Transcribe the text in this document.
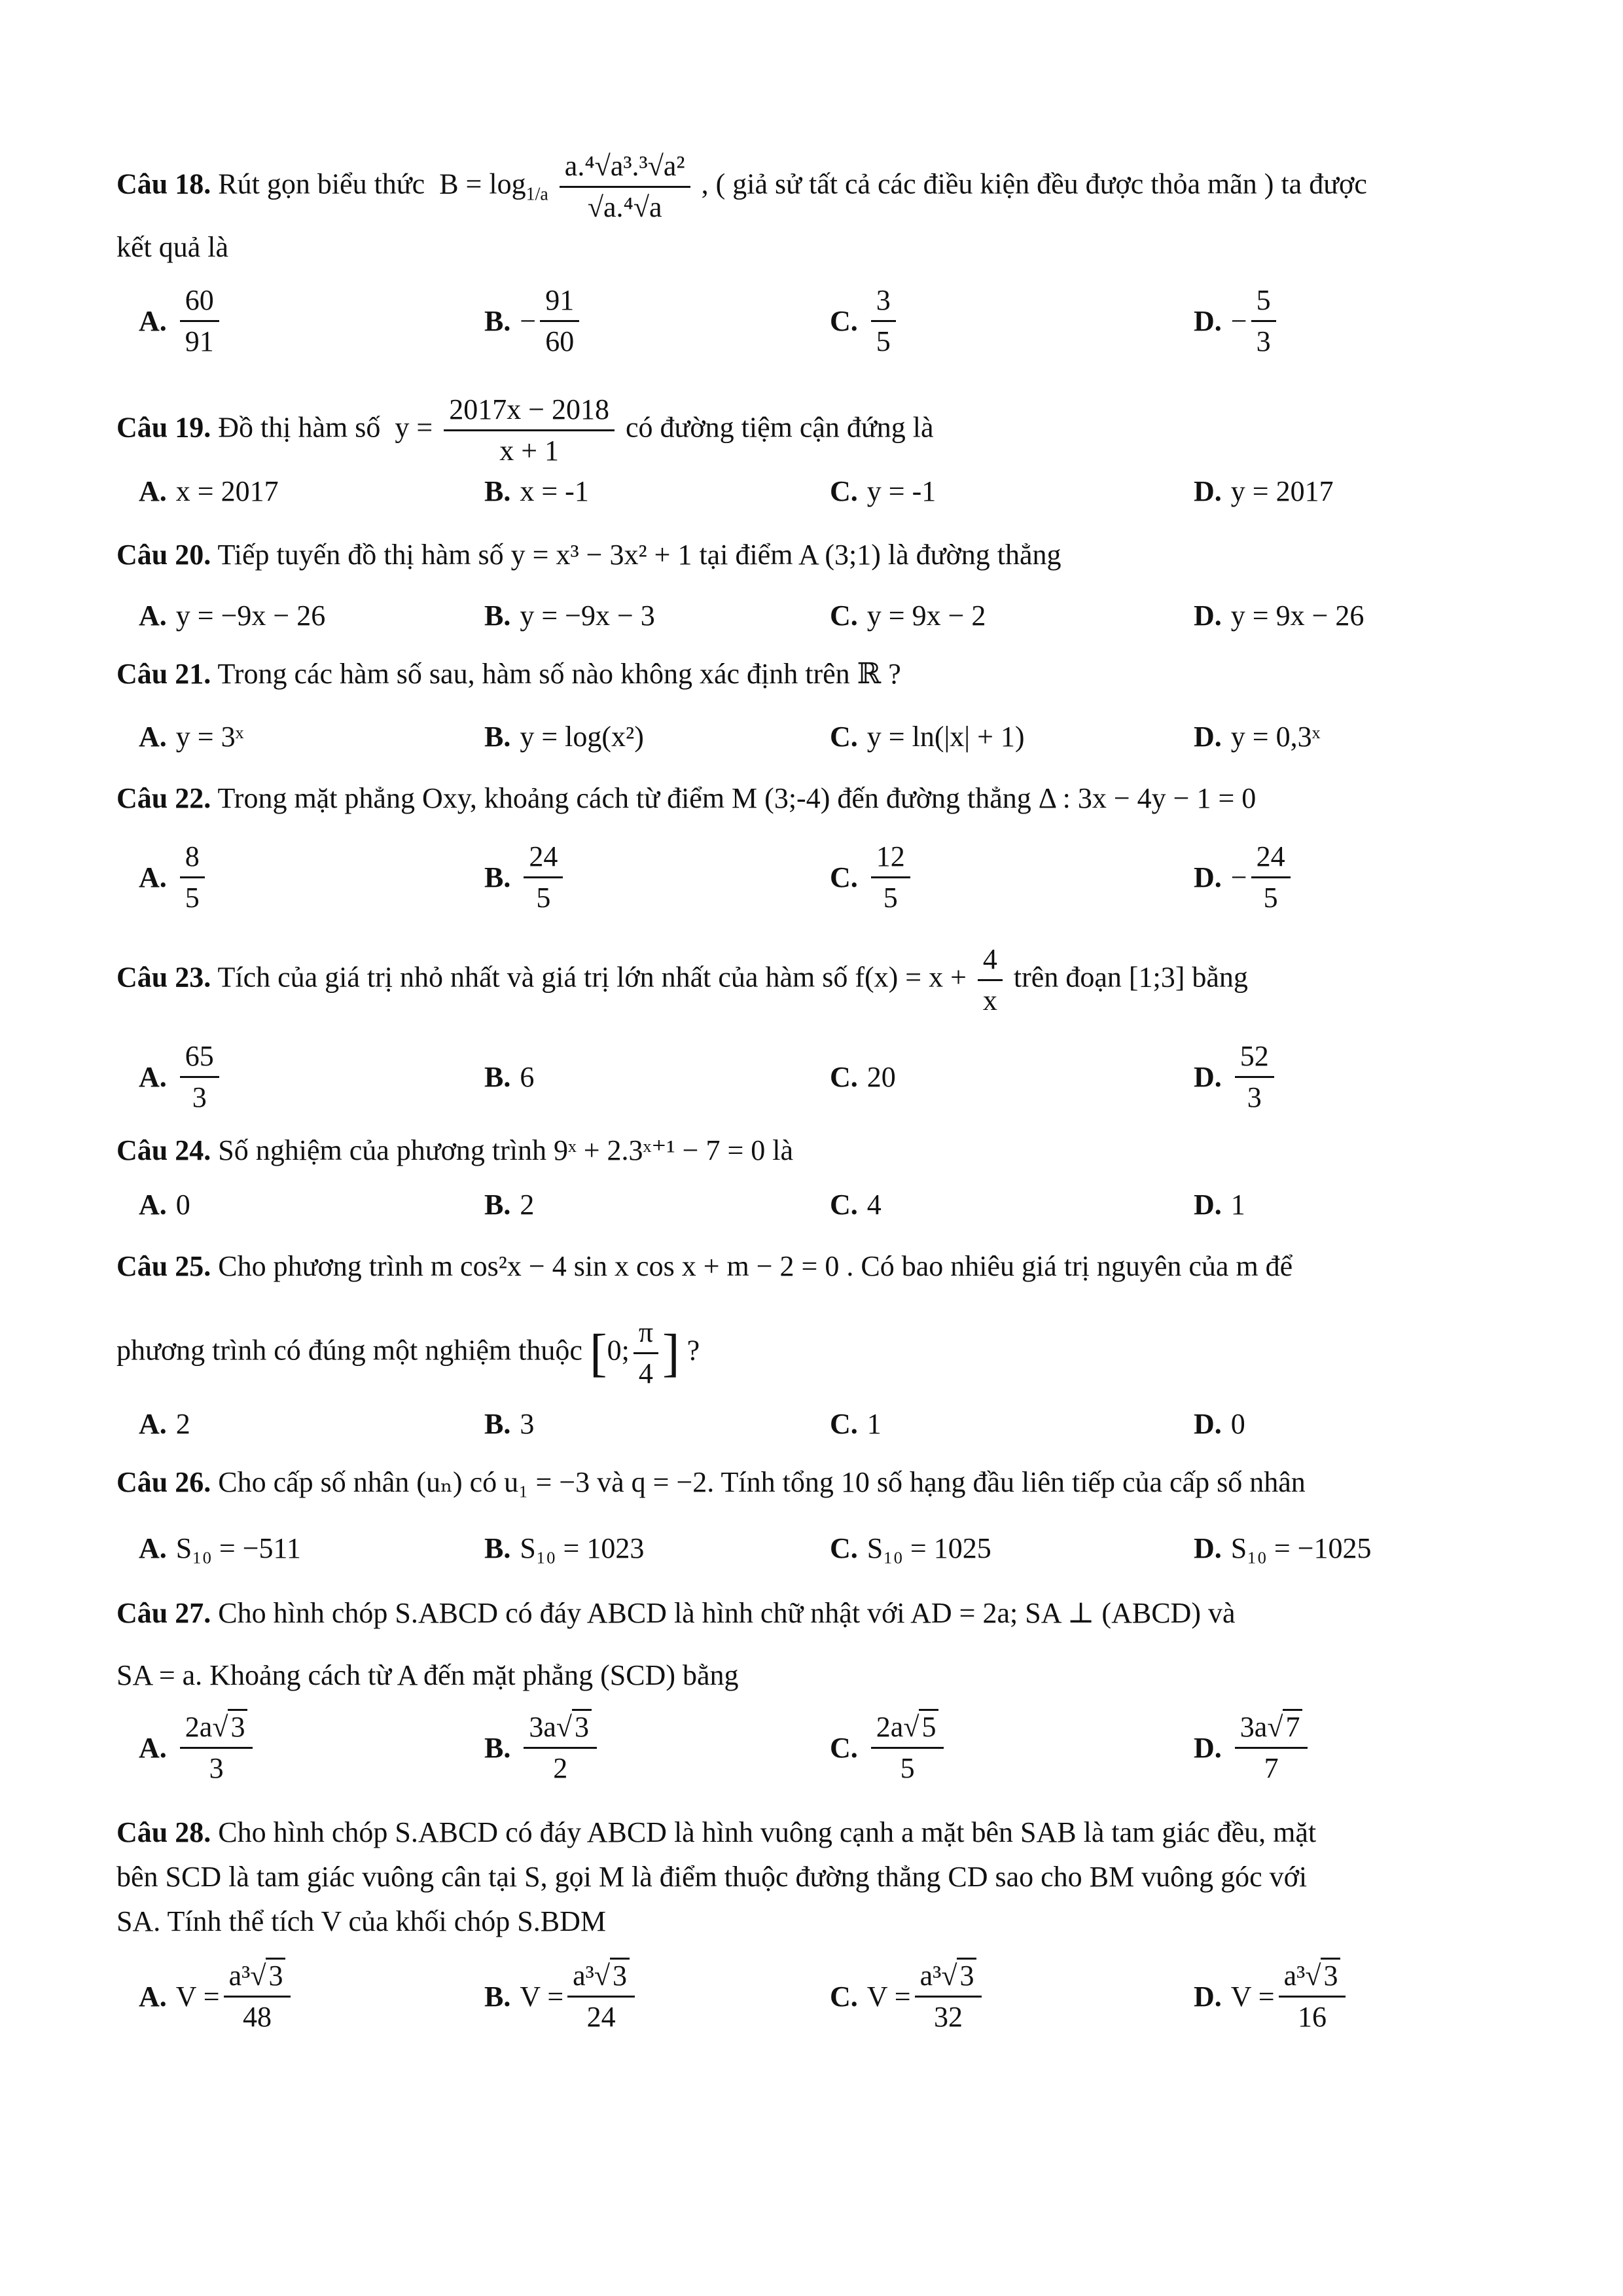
Câu 18. Rút gọn biểu thức $B = \log_{1/a} \frac{\text{a.⁴√a³.³√a²}}{\text{√a.⁴√a}}$ , ( giả sử tất cả các điều kiện đều được thỏa mãn ) ta được
kết quả là
A. $\frac{60}{91}$	B. − $\frac{91}{60}$	C. $\frac{3}{5}$	D. − $\frac{5}{3}$
Câu 19. Đồ thị hàm số $y = \frac{2017x - 2018}{x + 1}$ có đường tiệm cận đứng là
A. x = 2017	B. x = -1	C. y = -1	D. y = 2017
Câu 20. Tiếp tuyến đồ thị hàm số y = x³ − 3x² + 1 tại điểm A (3;1) là đường thẳng
A. y = −9x − 26	B. y = −9x − 3	C. y = 9x − 2	D. y = 9x − 26
Câu 21. Trong các hàm số sau, hàm số nào không xác định trên ℝ ?
A. y = 3ˣ	B. y = log(x²)	C. y = ln(|x| + 1)	D. y = 0,3ˣ
Câu 22. Trong mặt phẳng Oxy, khoảng cách từ điểm M (3;-4) đến đường thẳng Δ : 3x − 4y − 1 = 0
A. $\frac{8}{5}$	B. $\frac{24}{5}$	C. $\frac{12}{5}$	D. − $\frac{24}{5}$
Câu 23. Tích của giá trị nhỏ nhất và giá trị lớn nhất của hàm số $f(x) = x + \frac{4}{x}$ trên đoạn [1;3] bằng
A. $\frac{65}{3}$	B. 6	C. 20	D. $\frac{52}{3}$
Câu 24. Số nghiệm của phương trình 9ˣ + 2.3ˣ⁺¹ − 7 = 0 là
A. 0	B. 2	C. 4	D. 1
Câu 25. Cho phương trình m cos²x − 4 sin x cos x + m − 2 = 0 . Có bao nhiêu giá trị nguyên của m để
phương trình có đúng một nghiệm thuộc [0; $\frac{\pi}{4}$ ] ?
A. 2	B. 3	C. 1	D. 0
Câu 26. Cho cấp số nhân (uₙ) có u₁ = −3 và q = −2. Tính tổng 10 số hạng đầu liên tiếp của cấp số nhân
A. S₁₀ = −511	B. S₁₀ = 1023	C. S₁₀ = 1025	D. S₁₀ = −1025
Câu 27. Cho hình chóp S.ABCD có đáy ABCD là hình chữ nhật với AD = 2a; SA ⊥ (ABCD) và
SA = a. Khoảng cách từ A đến mặt phẳng (SCD) bằng
A. $\frac{2a√3}{3}$	B. $\frac{3a√3}{2}$	C. $\frac{2a√5}{5}$	D. $\frac{3a√7}{7}$
Câu 28. Cho hình chóp S.ABCD có đáy ABCD là hình vuông cạnh a mặt bên SAB là tam giác đều, mặt
bên SCD là tam giác vuông cân tại S, gọi M là điểm thuộc đường thẳng CD sao cho BM vuông góc với
SA. Tính thể tích V của khối chóp S.BDM
A. $V = \frac{\text{a³√3}}{48}$	B. $V = \frac{\text{a³√3}}{24}$	C. $V = \frac{\text{a³√3}}{32}$	D. $V = \frac{\text{a³√3}}{16}$
